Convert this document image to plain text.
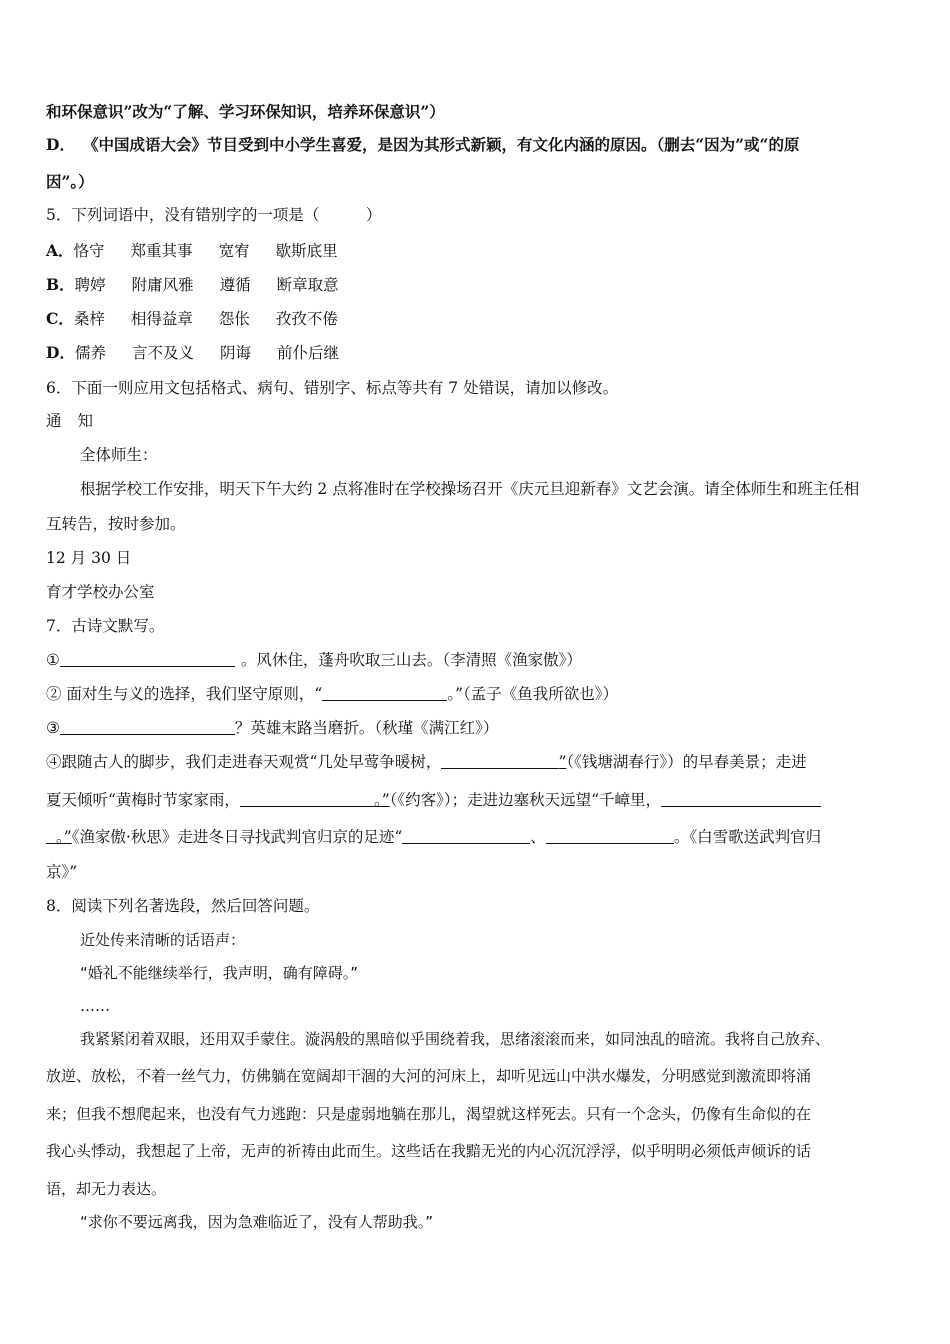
和环保意识”改为“了解、学习环保知识，培养环保意识”）
D． 《中国成语大会》节目受到中小学生喜爱，是因为其形式新颖，有文化内涵的原因。（删去“因为”或“的原
因”。）
5．下列词语中，没有错别字的一项是（　　　）
A．恪守 郑重其事 宽宥 歇斯底里
B．聘婷 附庸风雅 遵循 断章取意
C．桑梓 相得益章 怨伥 孜孜不倦
D．儒养 言不及义 阴诲 前仆后继
6．下面一则应用文包括格式、病句、错别字、标点等共有 7 处错误，请加以修改。
通 知
全体师生：
根据学校工作安排，明天下午大约 2 点将准时在学校操场召开《庆元旦迎新春》文艺会演。请全体师生和班主任相
互转告，按时参加。
12 月 30 日
育才学校办公室
7．古诗文默写。
①	。风休住，蓬舟吹取三山去。（李清照《渔家傲》）
② 面对生与义的选择，我们坚守原则，“	。”（孟子《鱼我所欲也》）
③	？英雄末路当磨折。（秋瑾《满江红》）
④跟随古人的脚步，我们走进春天观赏“几处早莺争暖树，	”（《钱塘湖春行》）的早春美景；走进
夏天倾听“黄梅时节家家雨，	。”（《约客》）；走进边塞秋天远望“千嶂里，
。”《渔家傲·秋思》走进冬日寻找武判官归京的足迹“	、	。《白雪歌送武判官归
京》”
8．阅读下列名著选段，然后回答问题。
近处传来清晰的话语声：
“婚礼不能继续举行，我声明，确有障碍。”
……
我紧紧闭着双眼，还用双手蒙住。漩涡般的黑暗似乎围绕着我，思绪滚滚而来，如同浊乱的暗流。我将自己放弃、
放逆、放松，不着一丝气力，仿佛躺在宽阔却干涸的大河的河床上，却听见远山中洪水爆发，分明感觉到激流即将涌
来；但我不想爬起来，也没有气力逃跑：只是虚弱地躺在那儿，渴望就这样死去。只有一个念头，仍像有生命似的在
我心头悸动，我想起了上帝，无声的祈祷由此而生。这些话在我黯无光的内心沉沉浮浮，似乎明明必须低声倾诉的话
语，却无力表达。
“求你不要远离我，因为急难临近了，没有人帮助我。”
